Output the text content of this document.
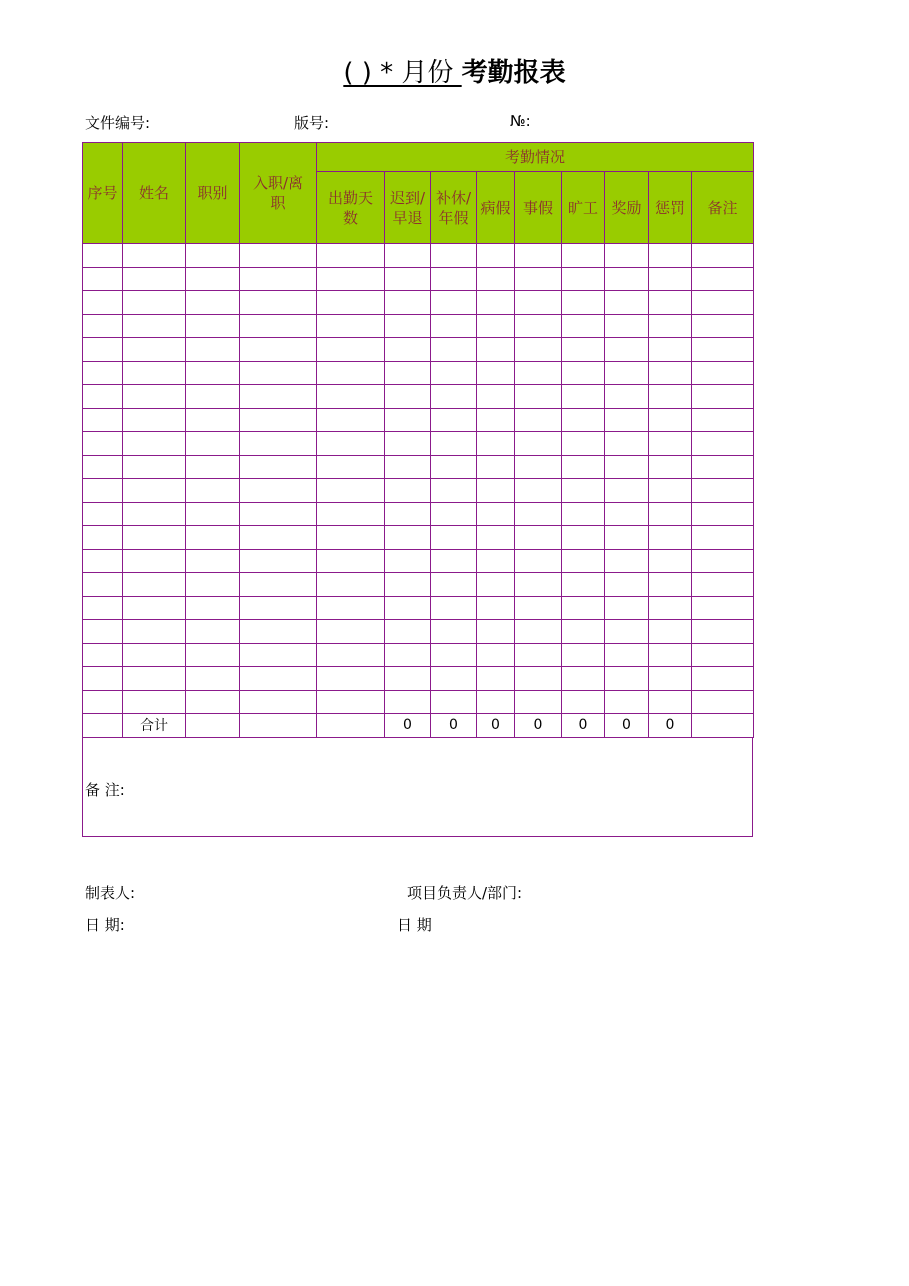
( ) * 月份 考勤报表
文件编号:	版号:	№:
序号	姓名	职别	入职/离职	考勤情况								
				出勤天数	迟到/早退	补休/年假	病假	事假	旷工	奖励	惩罚	备注

	合计				0	0	0	0	0	0	0	
备 注:
制表人:	项目负责人/部门:
日 期:	日 期
